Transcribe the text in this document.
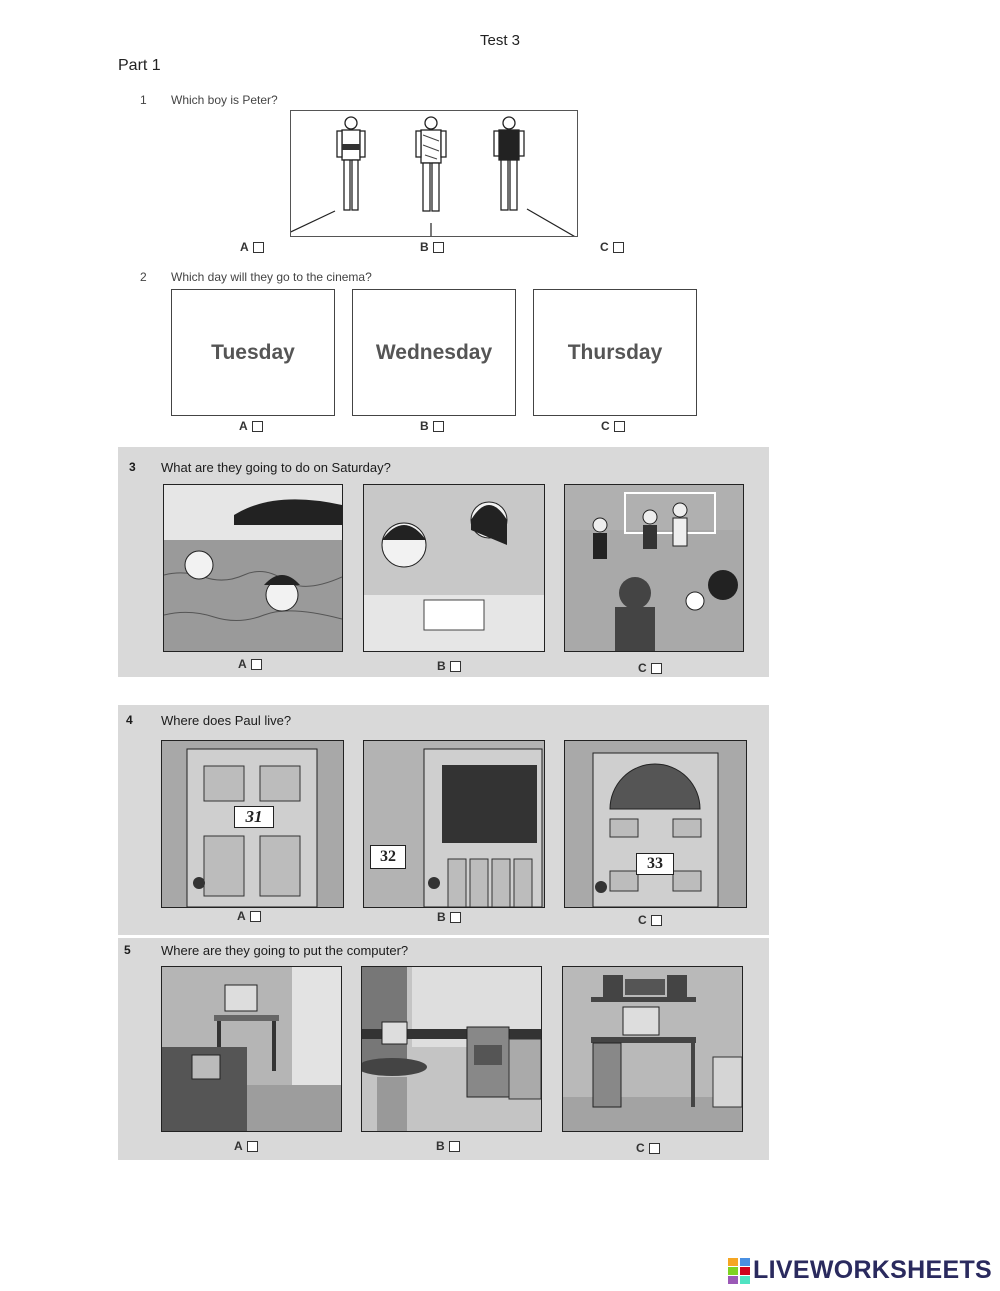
Test 3
Part 1
1 Which boy is Peter?
A	B	C
2 Which day will they go to the cinema?
Tuesday	Wednesday	Thursday
A	B	C
3 What are they going to do on Saturday?
A	B	C
4 Where does Paul live?
31
32	33
A	B	C
5 Where are they going to put the computer?
A	B	C
LIVEWORKSHEETS
